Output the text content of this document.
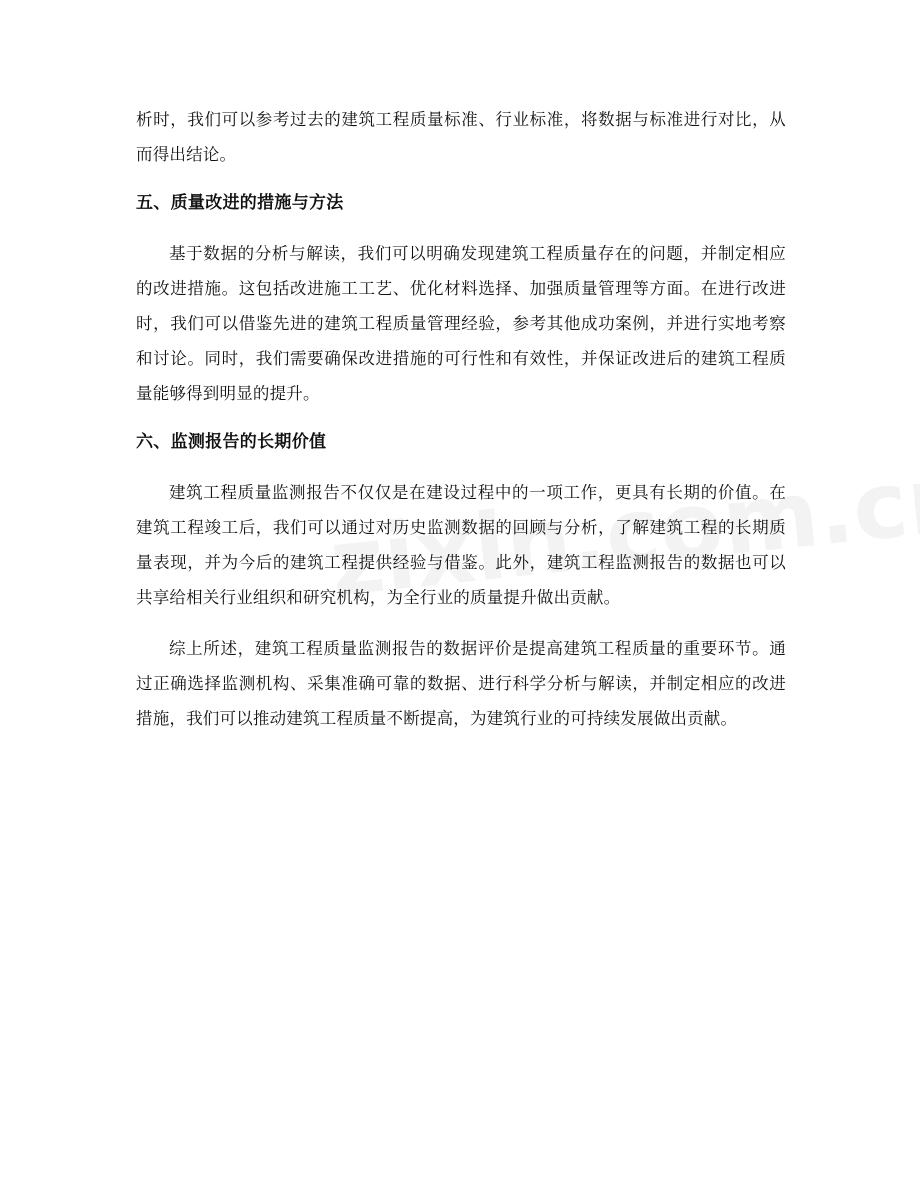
析时，我们可以参考过去的建筑工程质量标准、行业标准，将数据与标准进行对比，从而得出结论。

五、质量改进的措施与方法

基于数据的分析与解读，我们可以明确发现建筑工程质量存在的问题，并制定相应的改进措施。这包括改进施工工艺、优化材料选择、加强质量管理等方面。在进行改进时，我们可以借鉴先进的建筑工程质量管理经验，参考其他成功案例，并进行实地考察和讨论。同时，我们需要确保改进措施的可行性和有效性，并保证改进后的建筑工程质量能够得到明显的提升。

六、监测报告的长期价值

建筑工程质量监测报告不仅仅是在建设过程中的一项工作，更具有长期的价值。在建筑工程竣工后，我们可以通过对历史监测数据的回顾与分析，了解建筑工程的长期质量表现，并为今后的建筑工程提供经验与借鉴。此外，建筑工程监测报告的数据也可以共享给相关行业组织和研究机构，为全行业的质量提升做出贡献。

综上所述，建筑工程质量监测报告的数据评价是提高建筑工程质量的重要环节。通过正确选择监测机构、采集准确可靠的数据、进行科学分析与解读，并制定相应的改进措施，我们可以推动建筑工程质量不断提高，为建筑行业的可持续发展做出贡献。
